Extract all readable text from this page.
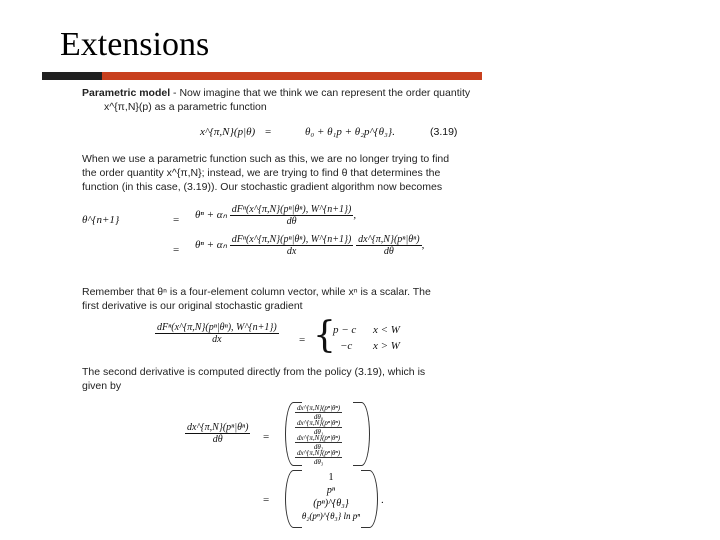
Extensions
Parametric model - Now imagine that we think we can represent the order quantity
x^{π,N}(p) as a parametric function
x^{π,N}(p|θ) =	θ₀ + θ₁p + θ₂p^{θ₃}.	(3.19)
When we use a parametric function such as this, we are no longer trying to find
the order quantity x^{π,N}; instead, we are trying to find θ that determines the
function (in this case, (3.19)). Our stochastic gradient algorithm now becomes
θ^{n+1}	= θⁿ + αₙ $\frac{\text{dFⁿ(x\textasciicircum{}\{π,N\}(pⁿ|θⁿ), W\textasciicircum{}\{n+1\})}}{d\theta}$ ,
= θⁿ + αₙ $\frac{\text{dFⁿ(x\textasciicircum{}\{π,N\}(pⁿ|θⁿ), W\textasciicircum{}\{n+1\})}}{dx}$
$\frac{\text{dx\textasciicircum{}\{π,N\}(pⁿ|θⁿ)}}{d\theta}$ ,
Remember that θⁿ is a four-element column vector, while xⁿ is a scalar. The
first derivative is our original stochastic gradient
$\frac{\text{dFⁿ(x\textasciicircum{}\{π,N\}(pⁿ|θⁿ), W\textasciicircum{}\{n+1\})}}{dx}$ = {
p − c x < W
−c x > W
The second derivative is computed directly from the policy (3.19), which is
given by
$\frac{\text{dx\textasciicircum{}\{π,N\}(pⁿ|θⁿ)}}{d\theta}$ =
$\frac{\text{dx\textasciicircum{}\{π,N\}(pⁿ|θⁿ)}}{\text{dθ₀}}$
$\frac{\text{dx\textasciicircum{}\{π,N\}(pⁿ|θⁿ)}}{\text{dθ₁}}$
$\frac{\text{dx\textasciicircum{}\{π,N\}(pⁿ|θⁿ)}}{\text{dθ₂}}$
$\frac{\text{dx\textasciicircum{}\{π,N\}(pⁿ|θⁿ)}}{\text{dθ₃}}$
=
1
pⁿ
(pⁿ)^{θ₃}
θ₂(pⁿ)^{θ₃} ln pⁿ
.
